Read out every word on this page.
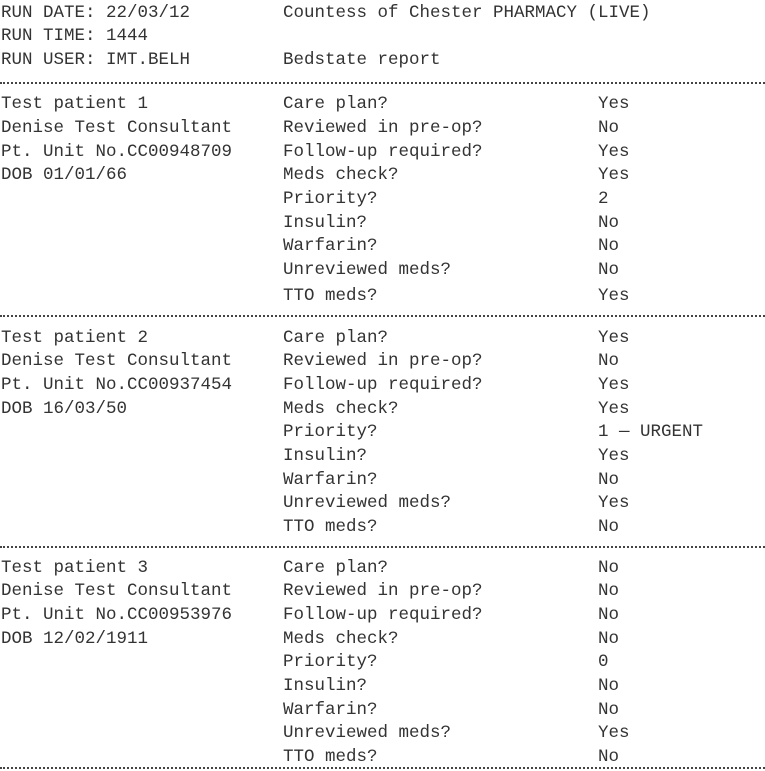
RUN DATE: 22/03/12	Countess of Chester PHARMACY (LIVE)
RUN TIME: 1444
RUN USER: IMT.BELH	Bedstate report
Test patient 1
Denise Test Consultant
Pt. Unit No.CC00948709
DOB 01/01/66
Care plan?	Yes
Reviewed in pre-op?	No
Follow-up required?	Yes
Meds check?	Yes
Priority?	2
Insulin?	No
Warfarin?	No
Unreviewed meds?	No
TTO meds?	Yes
Test patient 2
Denise Test Consultant
Pt. Unit No.CC00937454
DOB 16/03/50
Care plan?	Yes
Reviewed in pre-op?	No
Follow-up required?	Yes
Meds check?	Yes
Priority?	1 — URGENT
Insulin?	Yes
Warfarin?	No
Unreviewed meds?	Yes
TTO meds?	No
Test patient 3
Denise Test Consultant
Pt. Unit No.CC00953976
DOB 12/02/1911
Care plan?	No
Reviewed in pre-op?	No
Follow-up required?	No
Meds check?	No
Priority?	0
Insulin?	No
Warfarin?	No
Unreviewed meds?	Yes
TTO meds?	No
